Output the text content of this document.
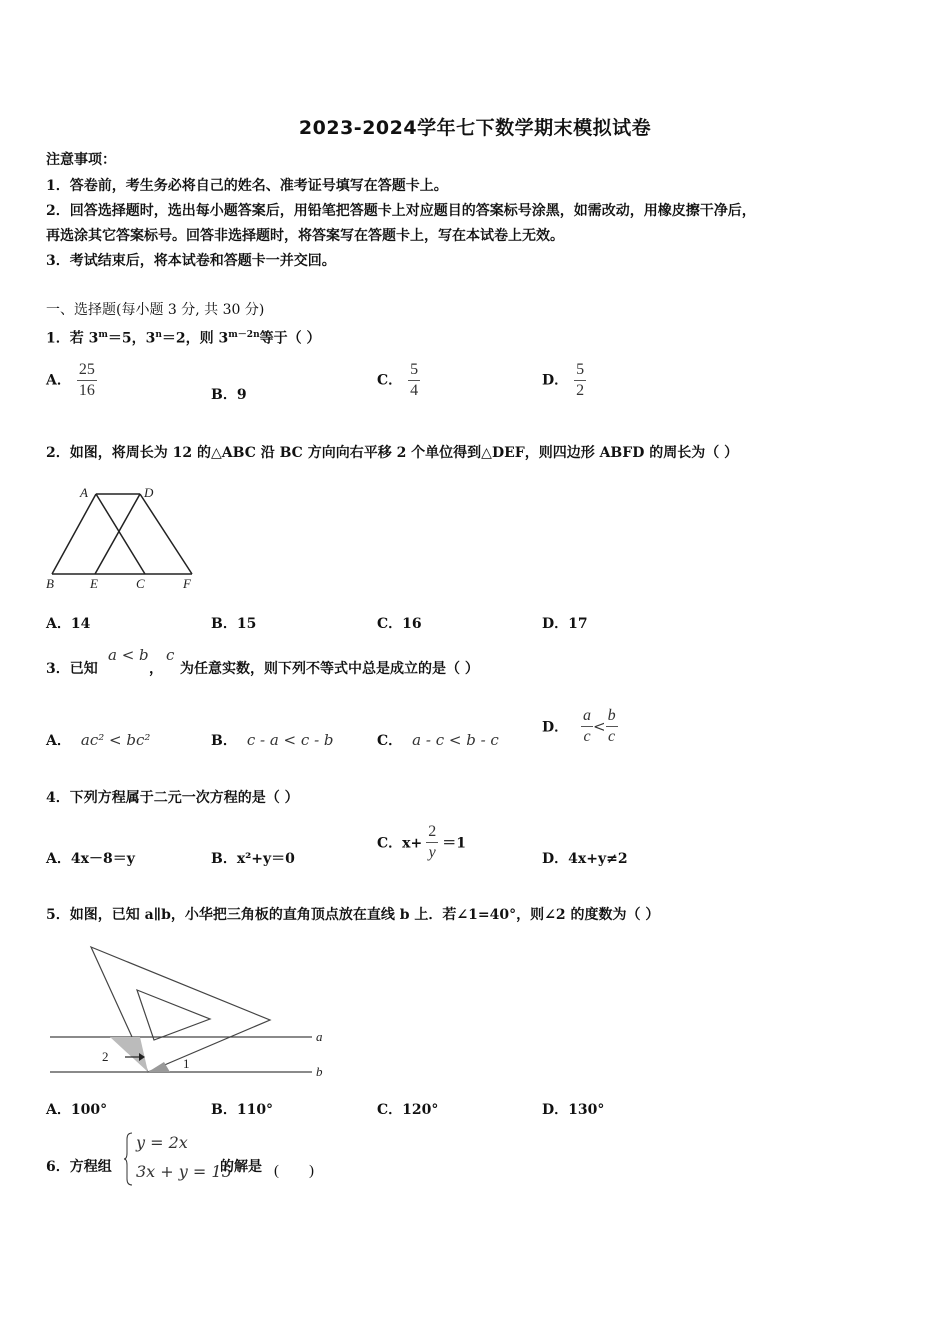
2023-2024学年七下数学期末模拟试卷
注意事项：
1．答卷前，考生务必将自己的姓名、准考证号填写在答题卡上。
2．回答选择题时，选出每小题答案后，用铅笔把答题卡上对应题目的答案标号涂黑，如需改动，用橡皮擦干净后，
再选涂其它答案标号。回答非选择题时，将答案写在答题卡上，写在本试卷上无效。
3．考试结束后，将本试卷和答题卡一并交回。
一、选择题(每小题 3 分, 共 30 分)
1．若 $3^m=5$，$3^n=2$，则 $3^{m-2n}$等于（ ）
A． $\frac{25}{16}$	B．9
C． $\frac{5}{4}$	D． $\frac{5}{2}$
2．如图，将周长为 12 的△ABC 沿 BC 方向向右平移 2 个单位得到△DEF，则四边形 ABFD 的周长为（ ）
A	D
B	E	C	F
A．14	B．15	C．16	D．17
3．已知
a < b
，
c
为任意实数，则下列不等式中总是成立的是（ ）
A． ac² < bc²	B． c - a < c - b	C． a - c < b - c
D． $\frac{a}{c} < \frac{b}{c}$
4．下列方程属于二元一次方程的是（ ）
A．4x－8＝y	B．x²+y＝0
C．$x+ \frac{2}{y} =1$
D．4x+y≠2
5．如图，已知 a∥b，小华把三角板的直角顶点放在直线 b 上．若∠1=40°，则∠2 的度数为（ ）
a
b
2	1
A．100°	B．110°	C．120°	D．130°
6．方程组
y = 2x
3x + y = 15
的解是 (        )
